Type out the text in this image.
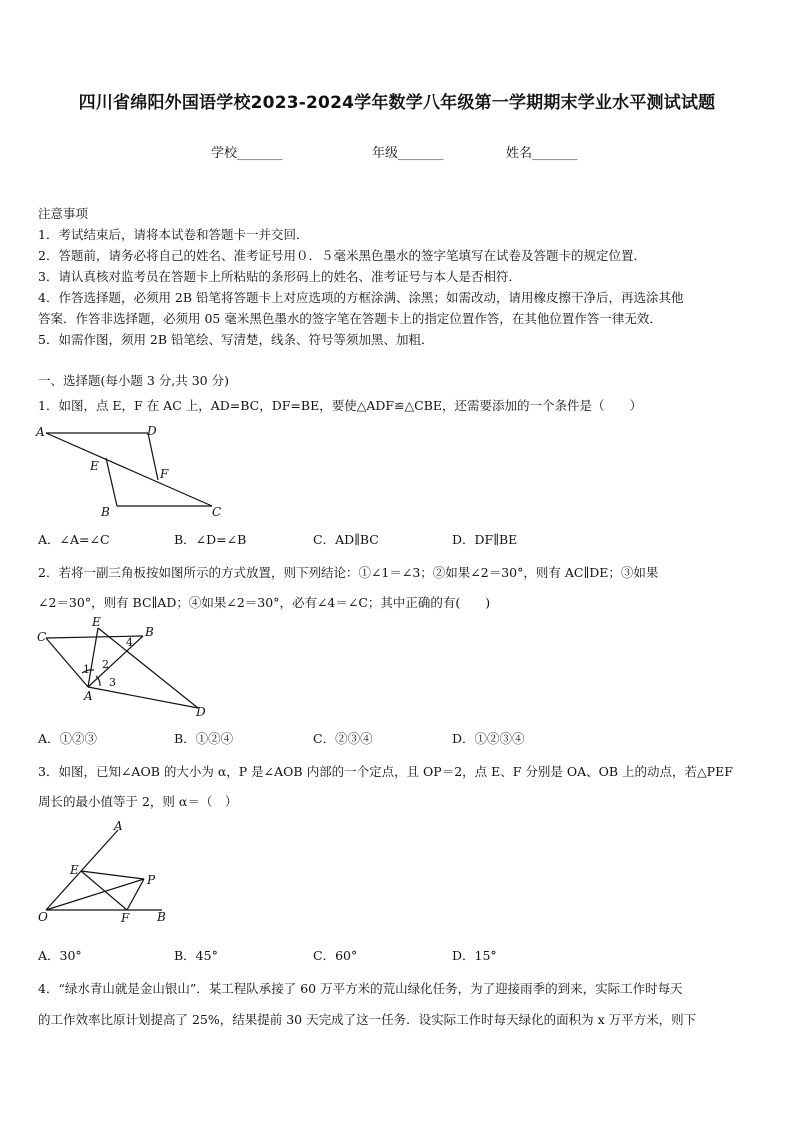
四川省绵阳外国语学校2023-2024学年数学八年级第一学期期末学业水平测试试题
学校_______	年级_______	姓名_______
注意事项
1．考试结束后，请将本试卷和答题卡一并交回．
2．答题前，请务必将自己的姓名、准考证号用０．５毫米黑色墨水的签字笔填写在试卷及答题卡的规定位置．
3．请认真核对监考员在答题卡上所粘贴的条形码上的姓名、准考证号与本人是否相符．
4．作答选择题，必须用 2B 铅笔将答题卡上对应选项的方框涂满、涂黑；如需改动，请用橡皮擦干净后，再选涂其他
答案．作答非选择题，必须用 05 毫米黑色墨水的签字笔在答题卡上的指定位置作答，在其他位置作答一律无效．
5．如需作图，须用 2B 铅笔绘、写清楚，线条、符号等须加黑、加粗．
一、选择题(每小题 3 分,共 30 分)
1．如图，点 E，F 在 AC 上，AD=BC，DF=BE，要使△ADF≌△CBE，还需要添加的一个条件是（　　）
A	D
E
F
B	C
A．∠A=∠C	B．∠D=∠B	C．AD∥BC	D．DF∥BE
2．若将一副三角板按如图所示的方式放置，则下列结论：①∠1＝∠3；②如果∠2＝30°，则有 AC∥DE；③如果
∠2＝30°，则有 BC∥AD；④如果∠2＝30°，必有∠4＝∠C；其中正确的有(　　)
C
E
B
4
1 2
3
A
D
A．①②③	B．①②④	C．②③④	D．①②③④
3．如图，已知∠AOB 的大小为 α，P 是∠AOB 内部的一个定点，且 OP＝2，点 E、F 分别是 OA、OB 上的动点，若△PEF
周长的最小值等于 2，则 α＝（　）
A
E
P
O	F B
A．30°	B．45°	C．60°	D．15°
4．“绿水青山就是金山银山”．某工程队承接了 60 万平方米的荒山绿化任务，为了迎接雨季的到来，实际工作时每天
的工作效率比原计划提高了 25%，结果提前 30 天完成了这一任务．设实际工作时每天绿化的面积为 x 万平方米，则下
